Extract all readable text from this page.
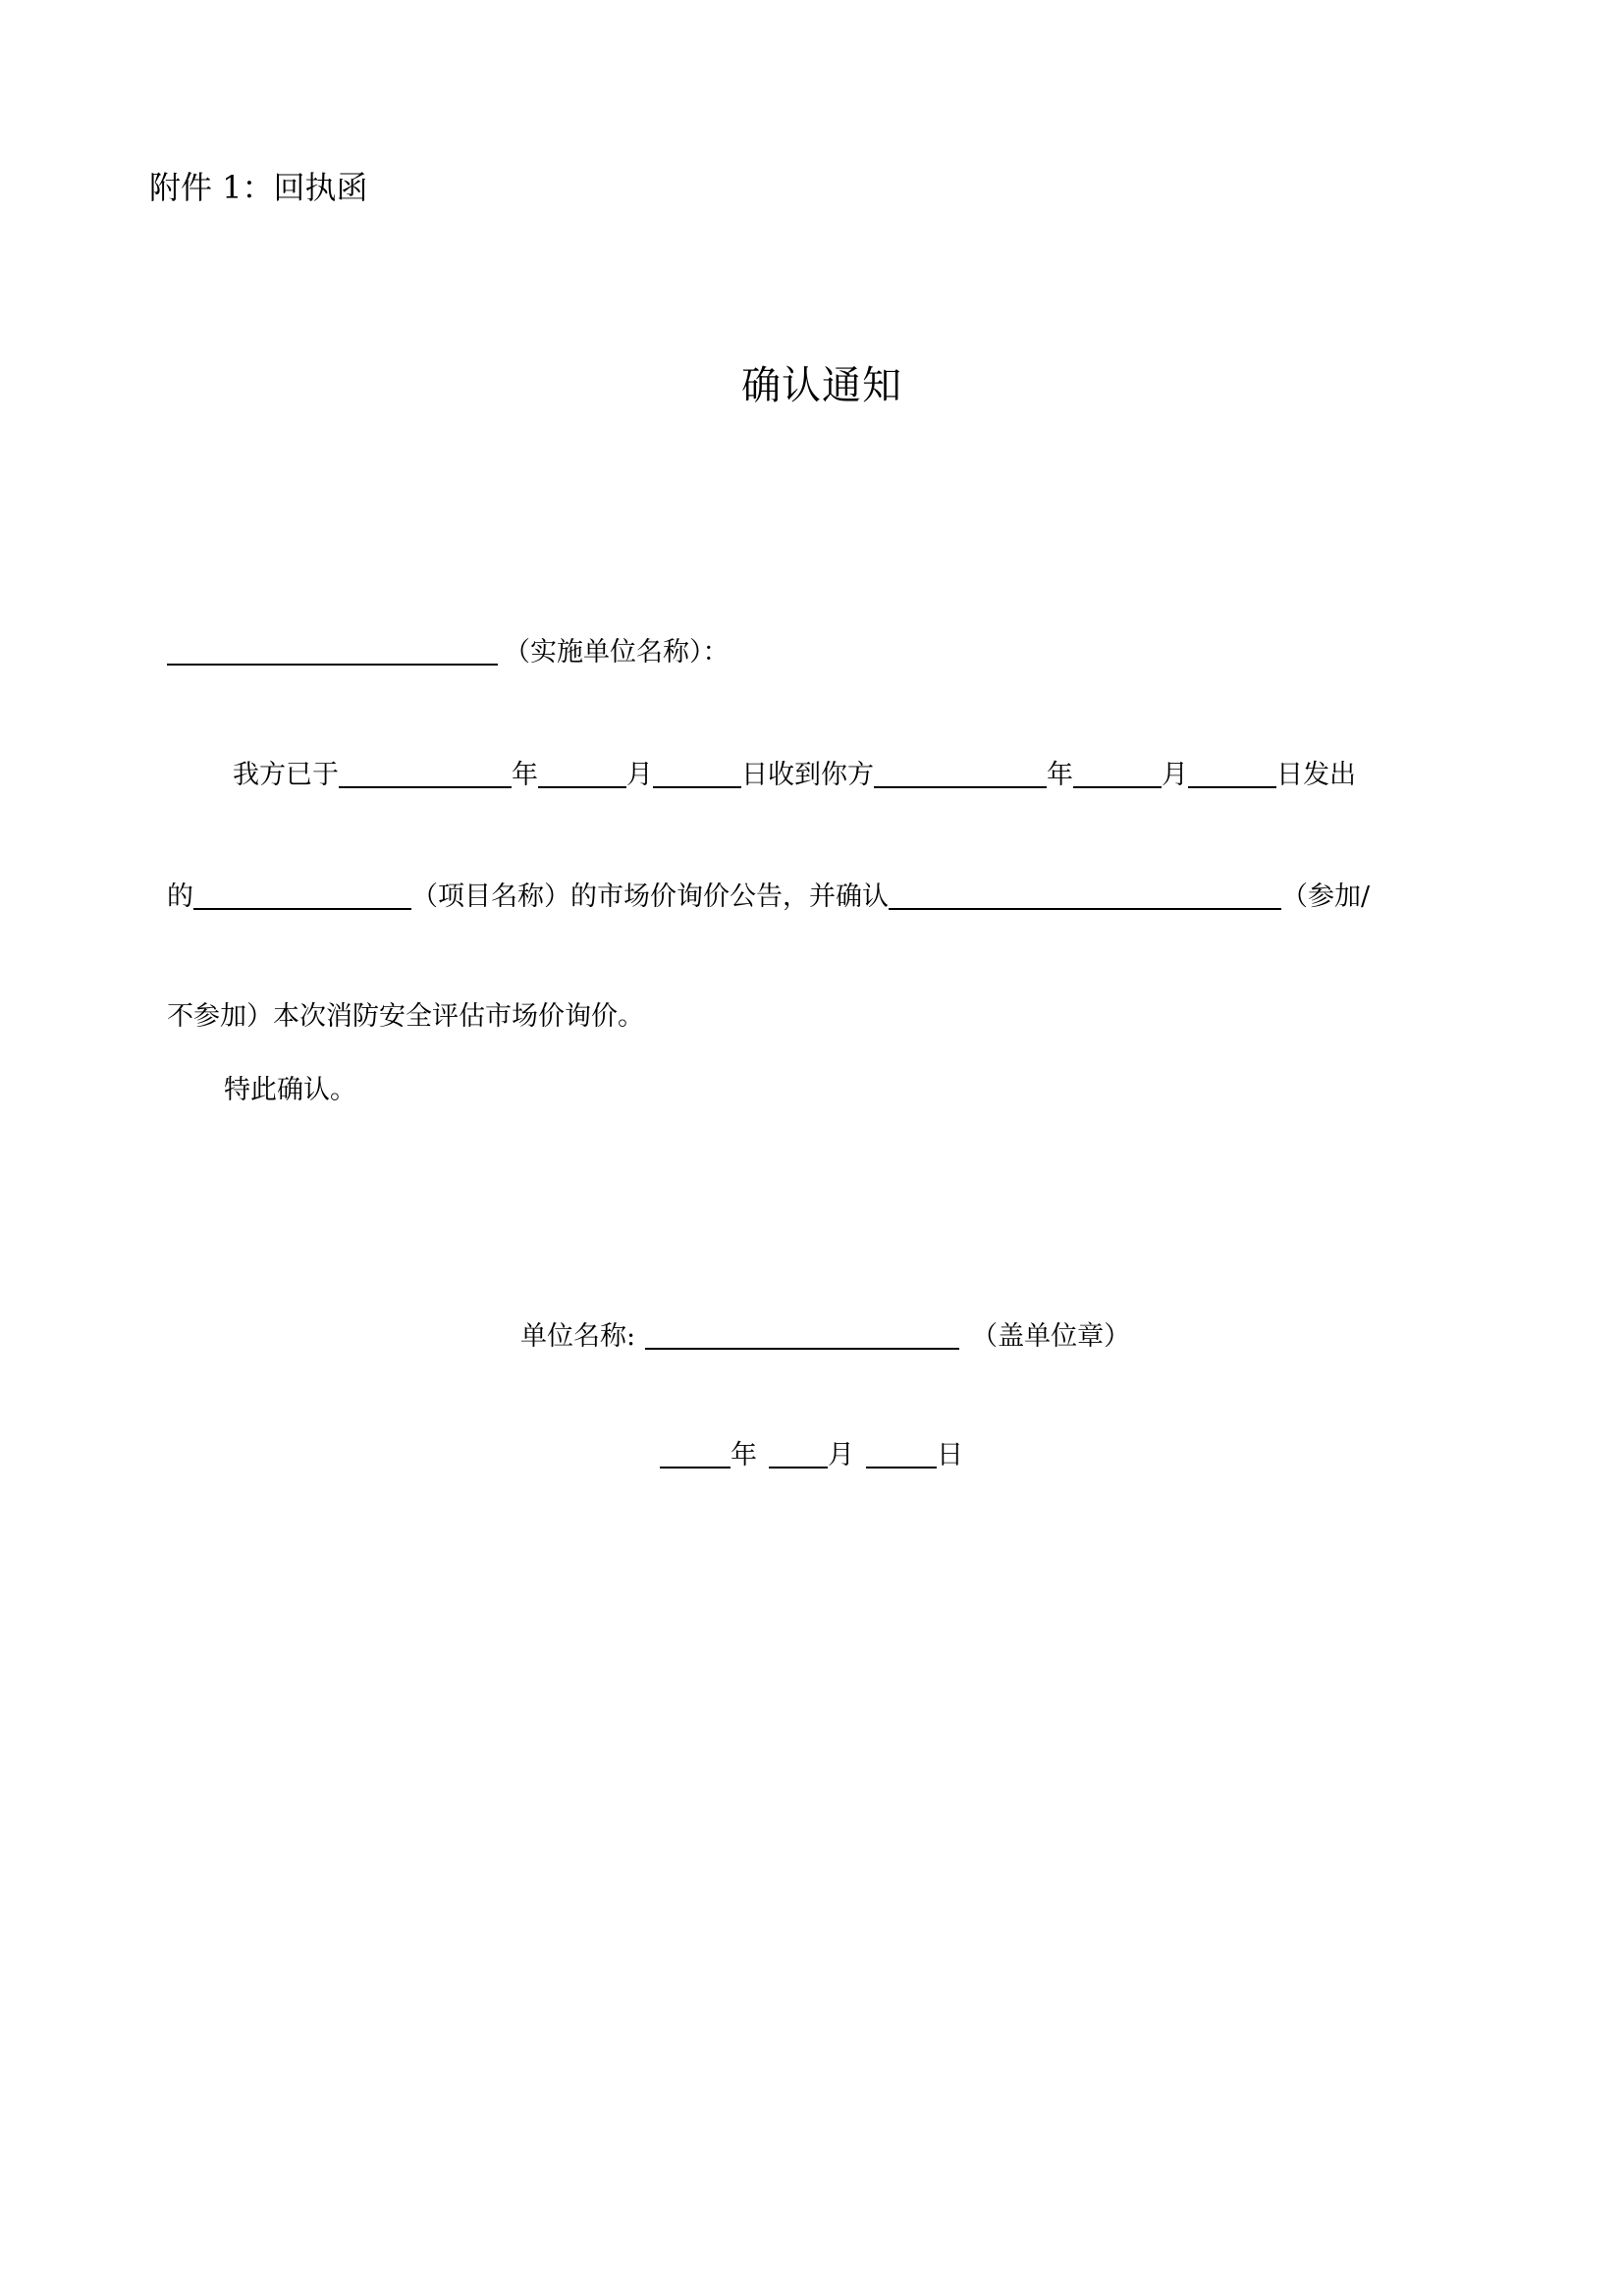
附件 1：回执函
确认通知
（实施单位名称）：
我方已于	年	月	日收到你方	年	月	日发出
的	（项目名称）的市场价询价公告，并确认	（参加/
不参加）本次消防安全评估市场价询价。
特此确认。
单位名称:	（盖单位章）
年	月	日
